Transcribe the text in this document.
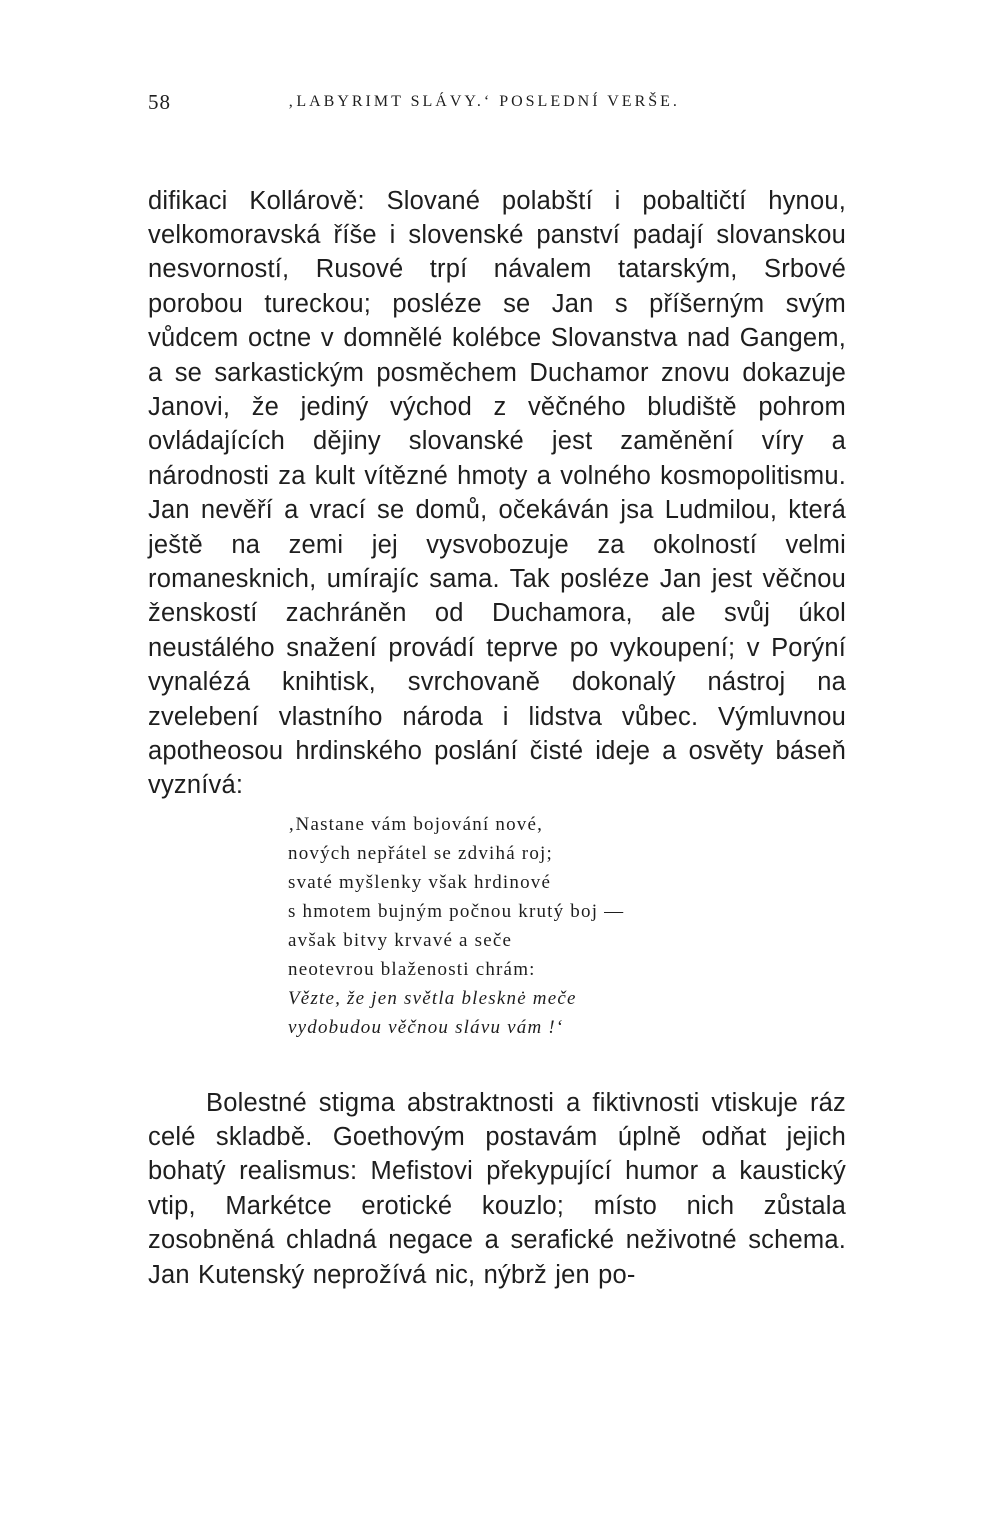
58	‚LABYRIMT SLÁVY.‘ POSLEDNÍ VERŠE.

difikaci Kollárově: Slované polabští i pobaltičtí hynou, velkomoravská říše i slovenské panství padají slovanskou nesvorností, Rusové trpí návalem tatarským, Srbové porobou tureckou; posléze se Jan s příšerným svým vůdcem octne v domnělé kolébce Slovanstva nad Gangem, a se sarkastickým posměchem Duchamor znovu dokazuje Janovi, že jediný východ z věčného bludiště pohrom ovládajících dějiny slovanské jest zaměnění víry a národnosti za kult vítězné hmoty a volného kosmopolitismu. Jan nevěří a vrací se domů, očekáván jsa Ludmilou, která ještě na zemi jej vysvobozuje za okolností velmi romanesknich, umírajíc sama. Tak posléze Jan jest věčnou ženskostí zachráněn od Duchamora, ale svůj úkol neustálého snažení provádí teprve po vykoupení; v Porýní vynalézá knihtisk, svrchovaně dokonalý nástroj na zvelebení vlastního národa i lidstva vůbec. Výmluvnou apotheosou hrdinského poslání čisté ideje a osvěty báseň vyznívá:

‚Nastane vám bojování nové,
nových nepřátel se zdvihá roj;
svaté myšlenky však hrdinové
s hmotem bujným počnou krutý boj —
avšak bitvy krvavé a seče
neotevrou blaženosti chrám:
Vězte, že jen světla blesknė meče
vydobudou věčnou slávu vám !‘

Bolestné stigma abstraktnosti a fiktivnosti vtiskuje ráz celé skladbě. Goethovým postavám úplně odňat jejich bohatý realismus: Mefistovi překypující humor a kaustický vtip, Markétce erotické kouzlo; místo nich zůstala zosobněná chladná negace a serafické neživotné schema. Jan Kutenský neprožívá nic, nýbrž jen po-
